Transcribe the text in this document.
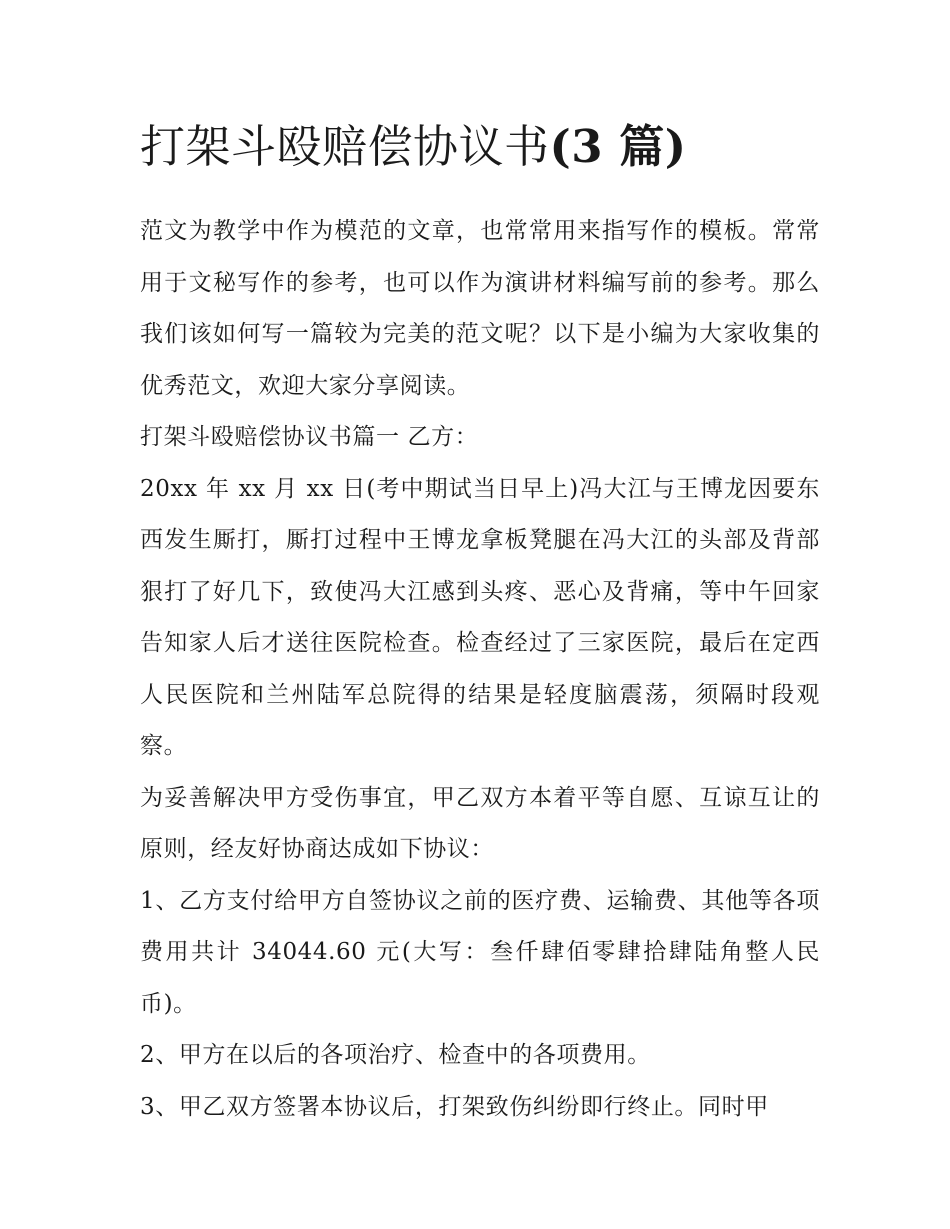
打架斗殴赔偿协议书(3 篇)

范文为教学中作为模范的文章，也常常用来指写作的模板。常常用于文秘写作的参考，也可以作为演讲材料编写前的参考。那么我们该如何写一篇较为完美的范文呢？以下是小编为大家收集的优秀范文，欢迎大家分享阅读。

打架斗殴赔偿协议书篇一 乙方：

20xx 年 xx 月 xx 日(考中期试当日早上)冯大江与王博龙因要东西发生厮打，厮打过程中王博龙拿板凳腿在冯大江的头部及背部狠打了好几下，致使冯大江感到头疼、恶心及背痛，等中午回家告知家人后才送往医院检查。检查经过了三家医院，最后在定西人民医院和兰州陆军总院得的结果是轻度脑震荡，须隔时段观察。

为妥善解决甲方受伤事宜，甲乙双方本着平等自愿、互谅互让的原则，经友好协商达成如下协议：

1、乙方支付给甲方自签协议之前的医疗费、运输费、其他等各项费用共计 34044.60 元(大写：叁仟肆佰零肆拾肆陆角整人民币)。

2、甲方在以后的各项治疗、检查中的各项费用。

3、甲乙双方签署本协议后，打架致伤纠纷即行终止。同时甲
